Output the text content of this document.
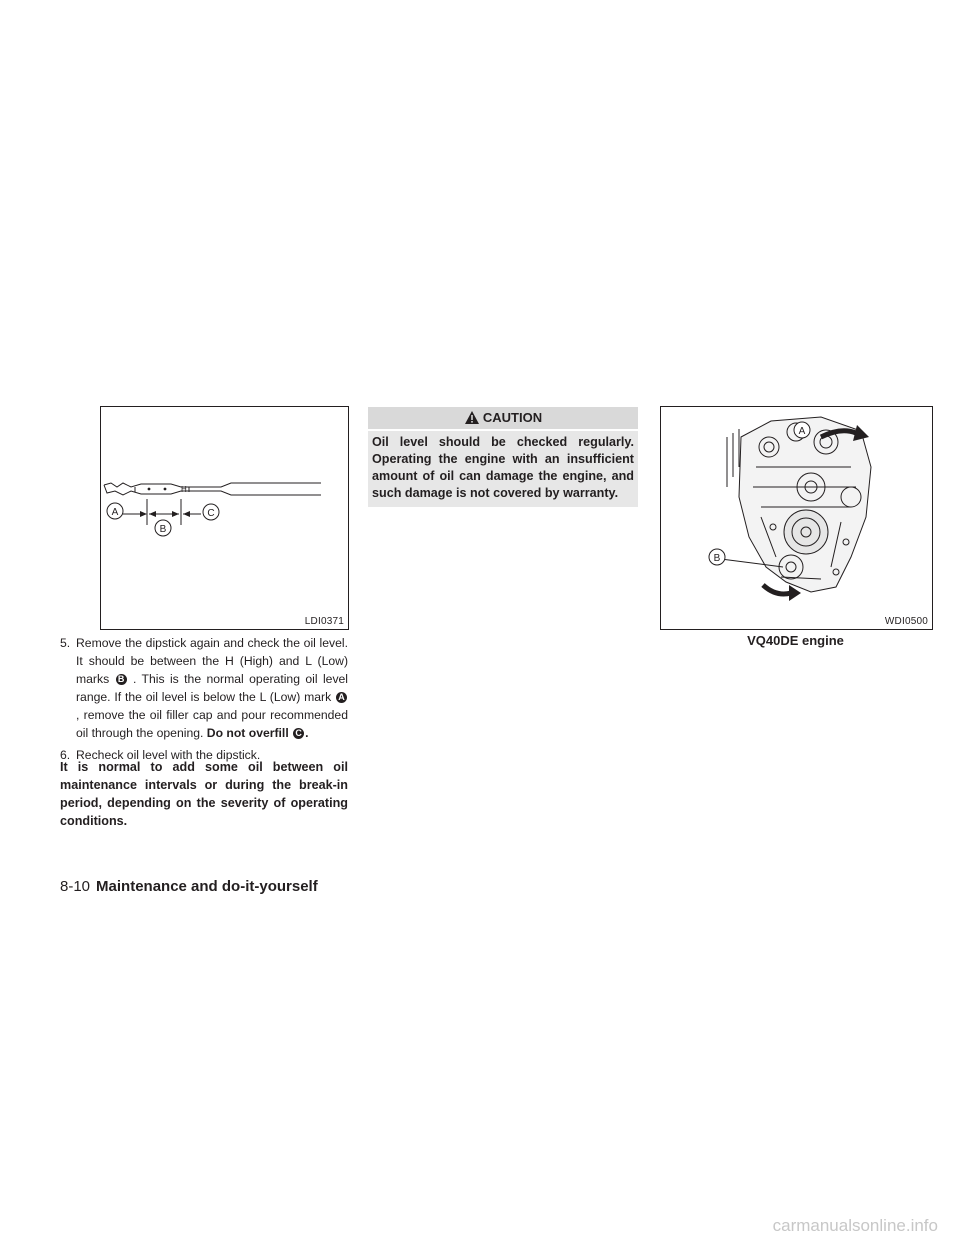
H
A
B
C
LDI0371
A
B
WDI0500
VQ40DE engine

5. Remove the dipstick again and check the oil level. It should be between the H (High) and L (Low) marks B . This is the normal operating oil level range. If the oil level is below the L (Low) mark A , remove the oil filler cap and pour recommended oil through the opening. Do not overfill C .

6. Recheck oil level with the dipstick.

It is normal to add some oil between oil maintenance intervals or during the break-in period, depending on the severity of operating conditions.
CAUTION
Oil level should be checked regularly. Operating the engine with an insufficient amount of oil can damage the engine, and such damage is not covered by warranty.
8-10 Maintenance and do-it-yourself
carmanualsonline.info
